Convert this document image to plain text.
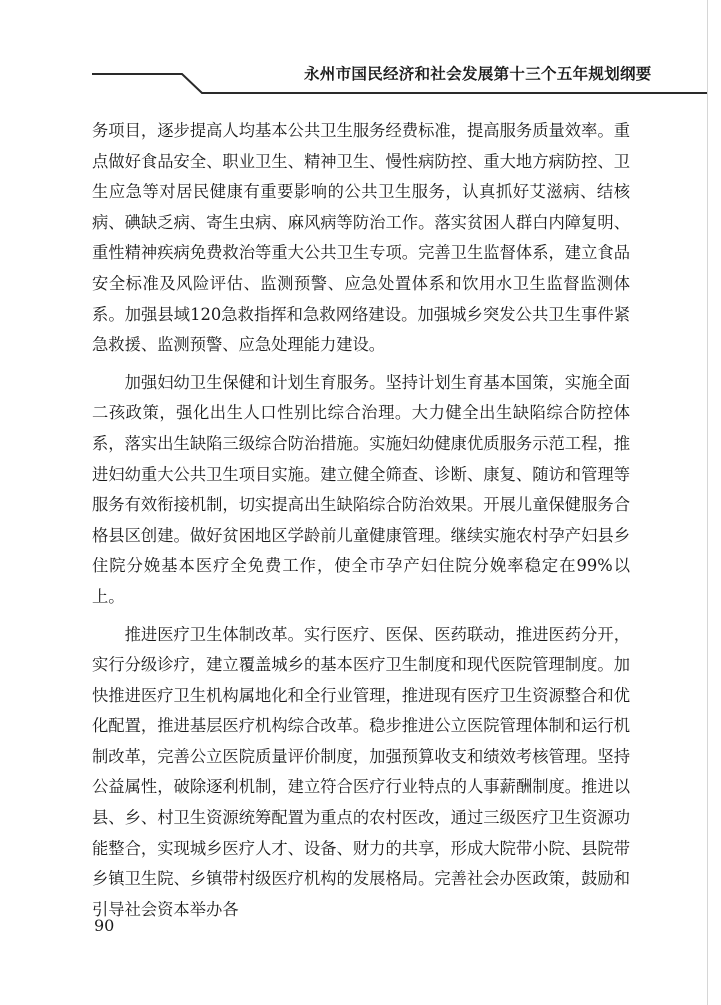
永州市国民经济和社会发展第十三个五年规划纲要

务项目，逐步提高人均基本公共卫生服务经费标准，提高服务质量效率。重点做好食品安全、职业卫生、精神卫生、慢性病防控、重大地方病防控、卫生应急等对居民健康有重要影响的公共卫生服务，认真抓好艾滋病、结核病、碘缺乏病、寄生虫病、麻风病等防治工作。落实贫困人群白内障复明、重性精神疾病免费救治等重大公共卫生专项。完善卫生监督体系，建立食品安全标准及风险评估、监测预警、应急处置体系和饮用水卫生监督监测体系。加强县域120急救指挥和急救网络建设。加强城乡突发公共卫生事件紧急救援、监测预警、应急处理能力建设。

加强妇幼卫生保健和计划生育服务。坚持计划生育基本国策，实施全面二孩政策，强化出生人口性别比综合治理。大力健全出生缺陷综合防控体系，落实出生缺陷三级综合防治措施。实施妇幼健康优质服务示范工程，推进妇幼重大公共卫生项目实施。建立健全筛查、诊断、康复、随访和管理等服务有效衔接机制，切实提高出生缺陷综合防治效果。开展儿童保健服务合格县区创建。做好贫困地区学龄前儿童健康管理。继续实施农村孕产妇县乡住院分娩基本医疗全免费工作，使全市孕产妇住院分娩率稳定在99%以上。

推进医疗卫生体制改革。实行医疗、医保、医药联动，推进医药分开，实行分级诊疗，建立覆盖城乡的基本医疗卫生制度和现代医院管理制度。加快推进医疗卫生机构属地化和全行业管理，推进现有医疗卫生资源整合和优化配置，推进基层医疗机构综合改革。稳步推进公立医院管理体制和运行机制改革，完善公立医院质量评价制度，加强预算收支和绩效考核管理。坚持公益属性，破除逐利机制，建立符合医疗行业特点的人事薪酬制度。推进以县、乡、村卫生资源统筹配置为重点的农村医改，通过三级医疗卫生资源功能整合，实现城乡医疗人才、设备、财力的共享，形成大院带小院、县院带乡镇卫生院、乡镇带村级医疗机构的发展格局。完善社会办医政策，鼓励和引导社会资本举办各

90
